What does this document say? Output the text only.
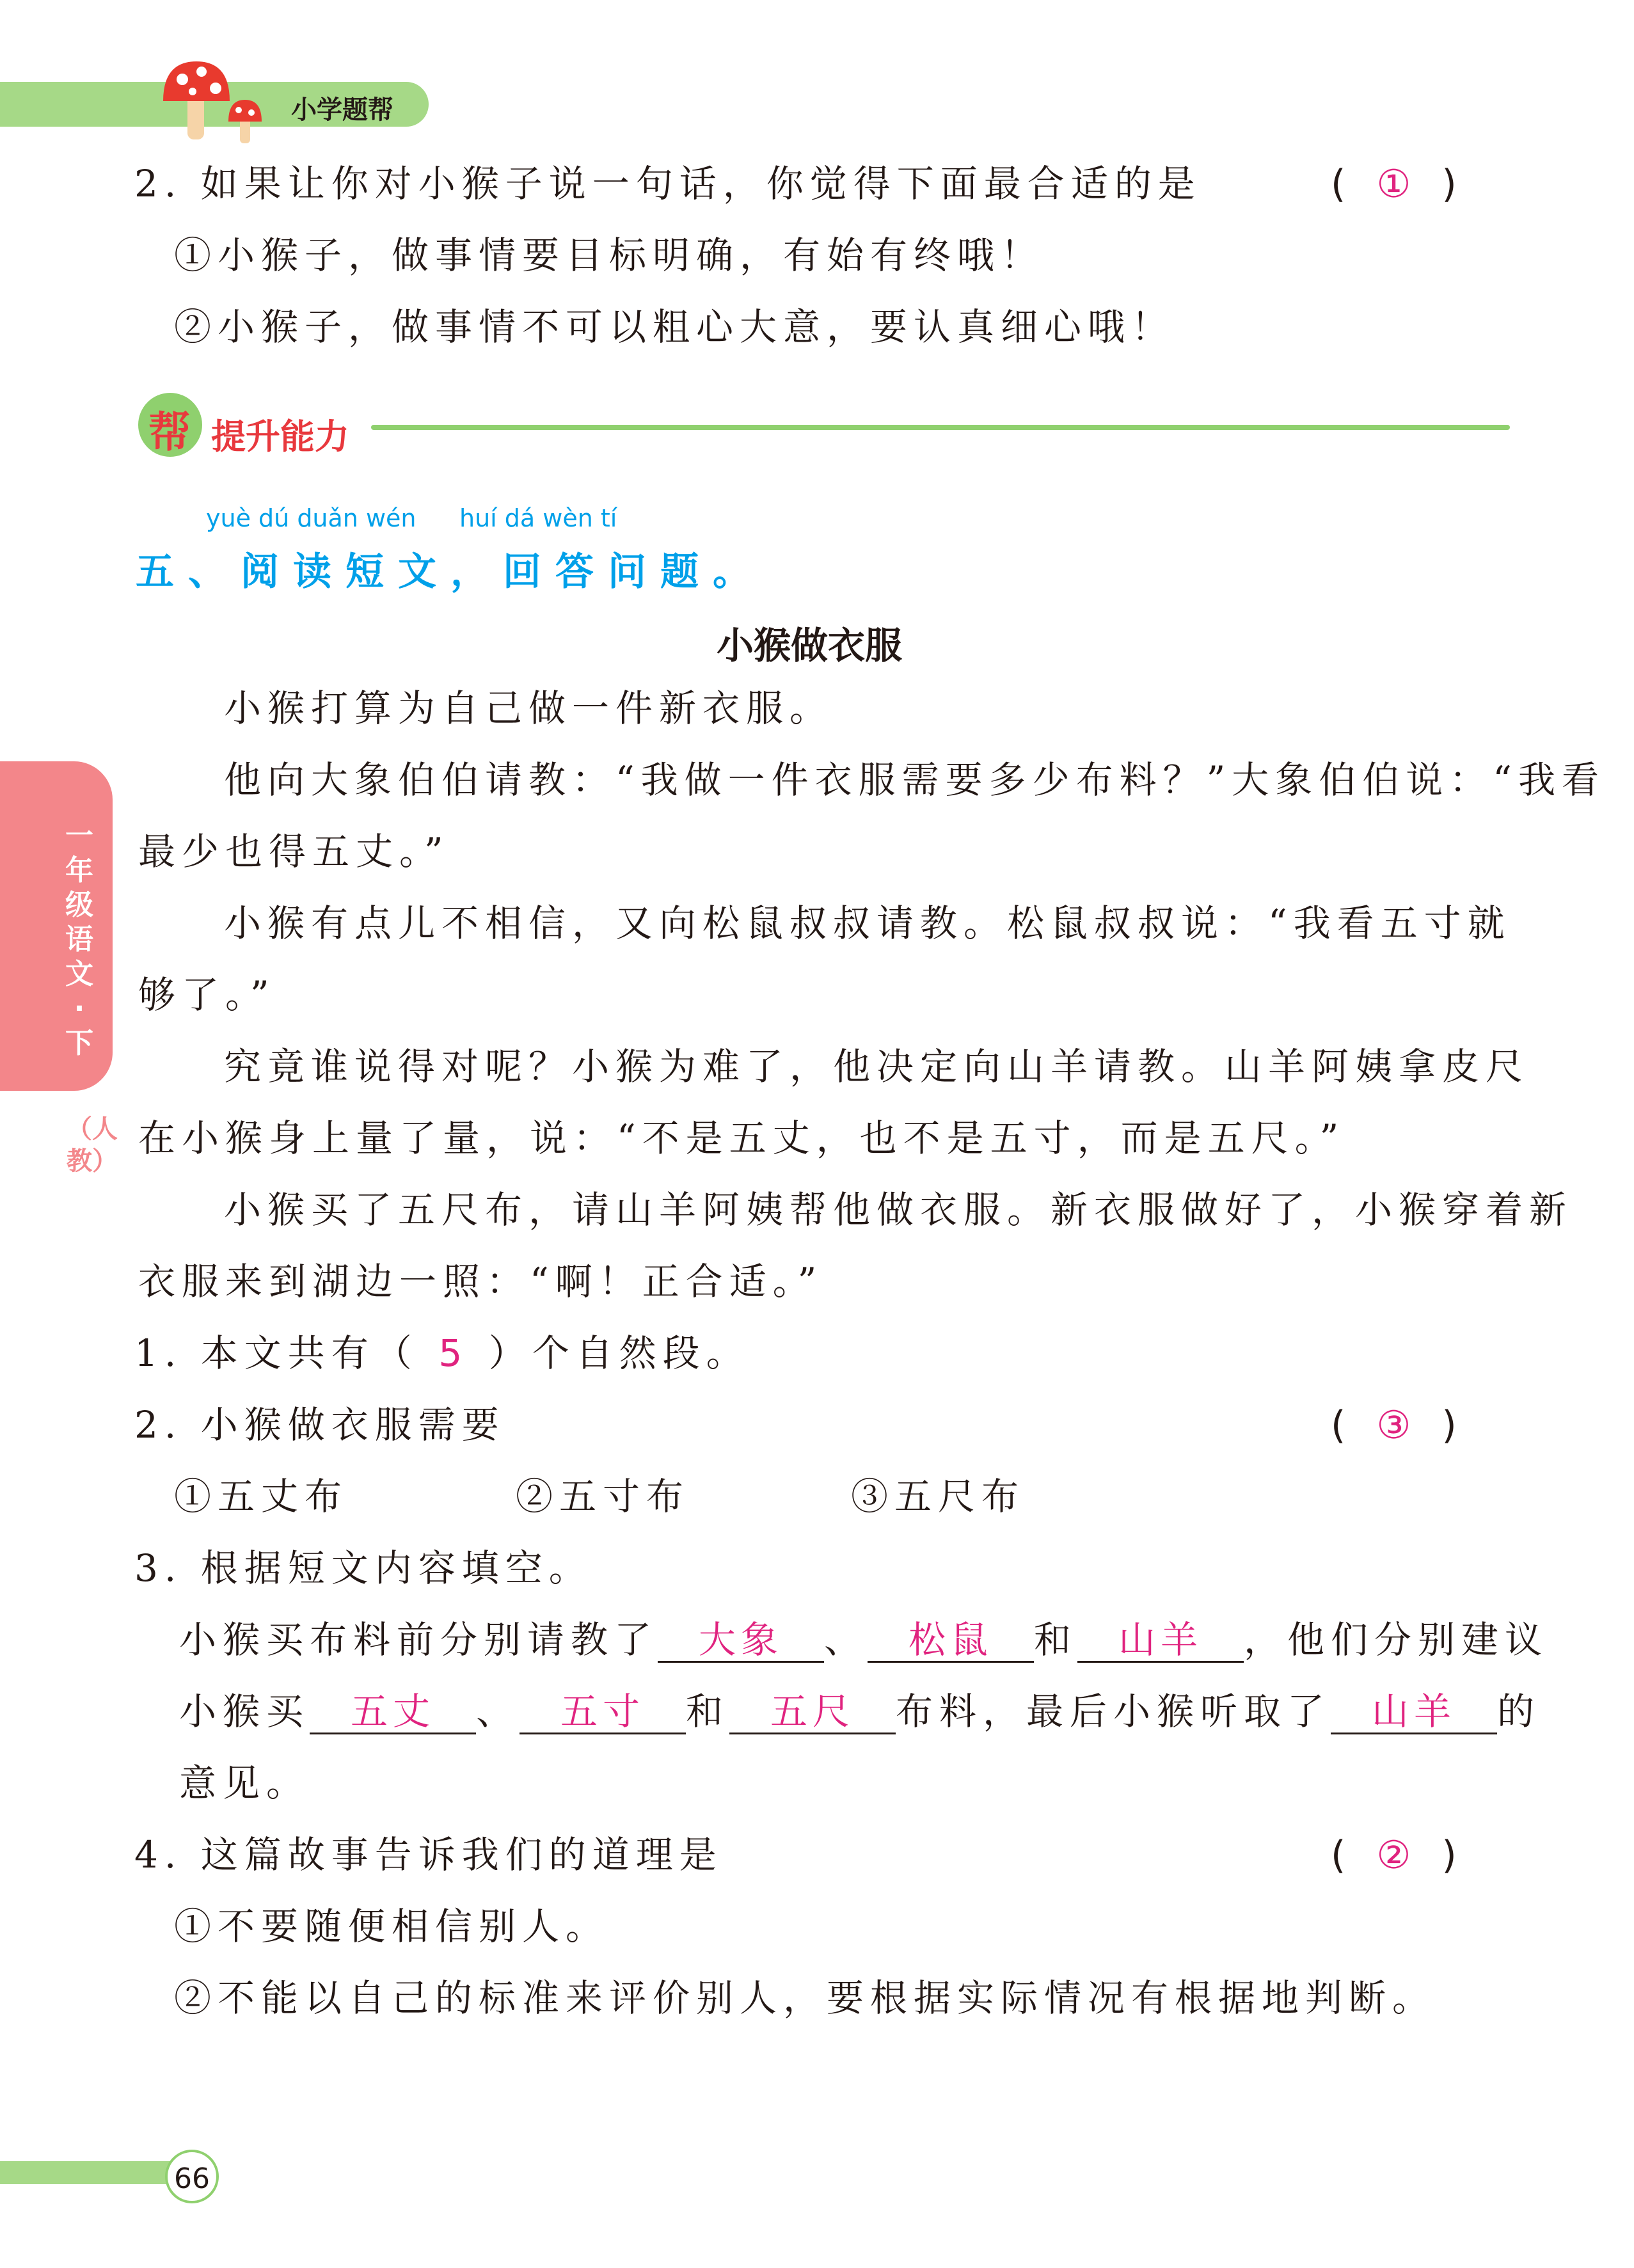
小学题帮
2. 如果让你对小猴子说一句话，你觉得下面最合适的是	( ① )
①小猴子，做事情要目标明确，有始有终哦！
②小猴子，做事情不可以粗心大意，要认真细心哦！
帮 提升能力
yuè dú duǎn wén huí dá wèn tí
五、阅读短文，回答问题。
小猴做衣服
小猴打算为自己做一件新衣服。
他向大象伯伯请教：“我做一件衣服需要多少布料？”大象伯伯说：“我看
最少也得五丈。”
小猴有点儿不相信，又向松鼠叔叔请教。松鼠叔叔说：“我看五寸就
够了。”
究竟谁说得对呢？小猴为难了，他决定向山羊请教。山羊阿姨拿皮尺
在小猴身上量了量，说：“不是五丈，也不是五寸，而是五尺。”
小猴买了五尺布，请山羊阿姨帮他做衣服。新衣服做好了，小猴穿着新
衣服来到湖边一照：“啊！正合适。”
1. 本文共有（ 5 ）个自然段。
2. 小猴做衣服需要	( ③ )
①五丈布	②五寸布	③五尺布
3. 根据短文内容填空。
小猴买布料前分别请教了 大象 、 松鼠 和 山羊 ，他们分别建议
小猴买 五丈 、 五寸 和 五尺 布料，最后小猴听取了 山羊 的
意见。
4. 这篇故事告诉我们的道理是	( ② )
①不要随便相信别人。
②不能以自己的标准来评价别人，要根据实际情况有根据地判断。
一年级语文·下
（人教）
66
